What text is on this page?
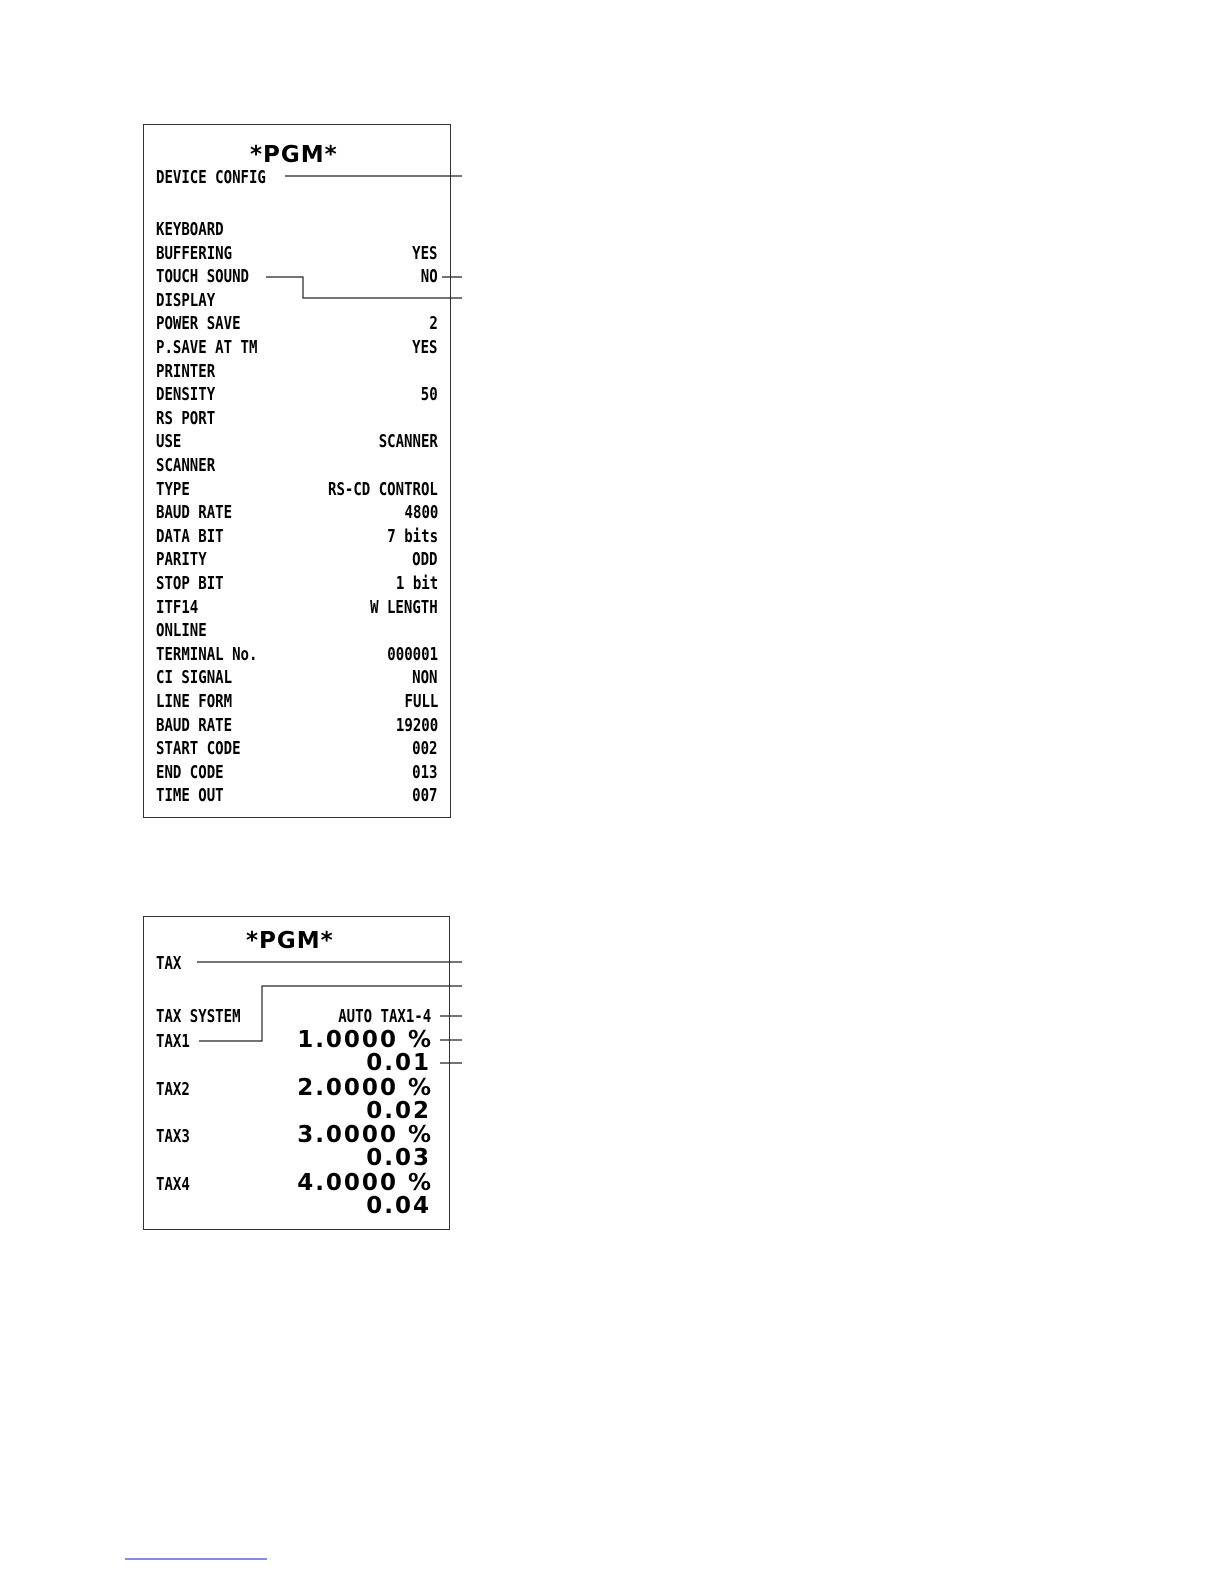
*PGM*
DEVICE CONFIG
KEYBOARD
BUFFERING	YES
TOUCH SOUND	NO
DISPLAY
POWER SAVE	2
P.SAVE AT TM	YES
PRINTER
DENSITY	50
RS PORT
USE	SCANNER
SCANNER
TYPE	RS-CD CONTROL
BAUD RATE	4800
DATA BIT	7 bits
PARITY	ODD
STOP BIT	1 bit
ITF14	W LENGTH
ONLINE
TERMINAL No.	000001
CI SIGNAL	NON
LINE FORM	FULL
BAUD RATE	19200
START CODE	002
END CODE	013
TIME OUT	007
*PGM*
TAX
TAX SYSTEM	AUTO TAX1-4
TAX1	1.0000 %
0.01
TAX2	2.0000 %
0.02
TAX3	3.0000 %
0.03
TAX4	4.0000 %
0.04
